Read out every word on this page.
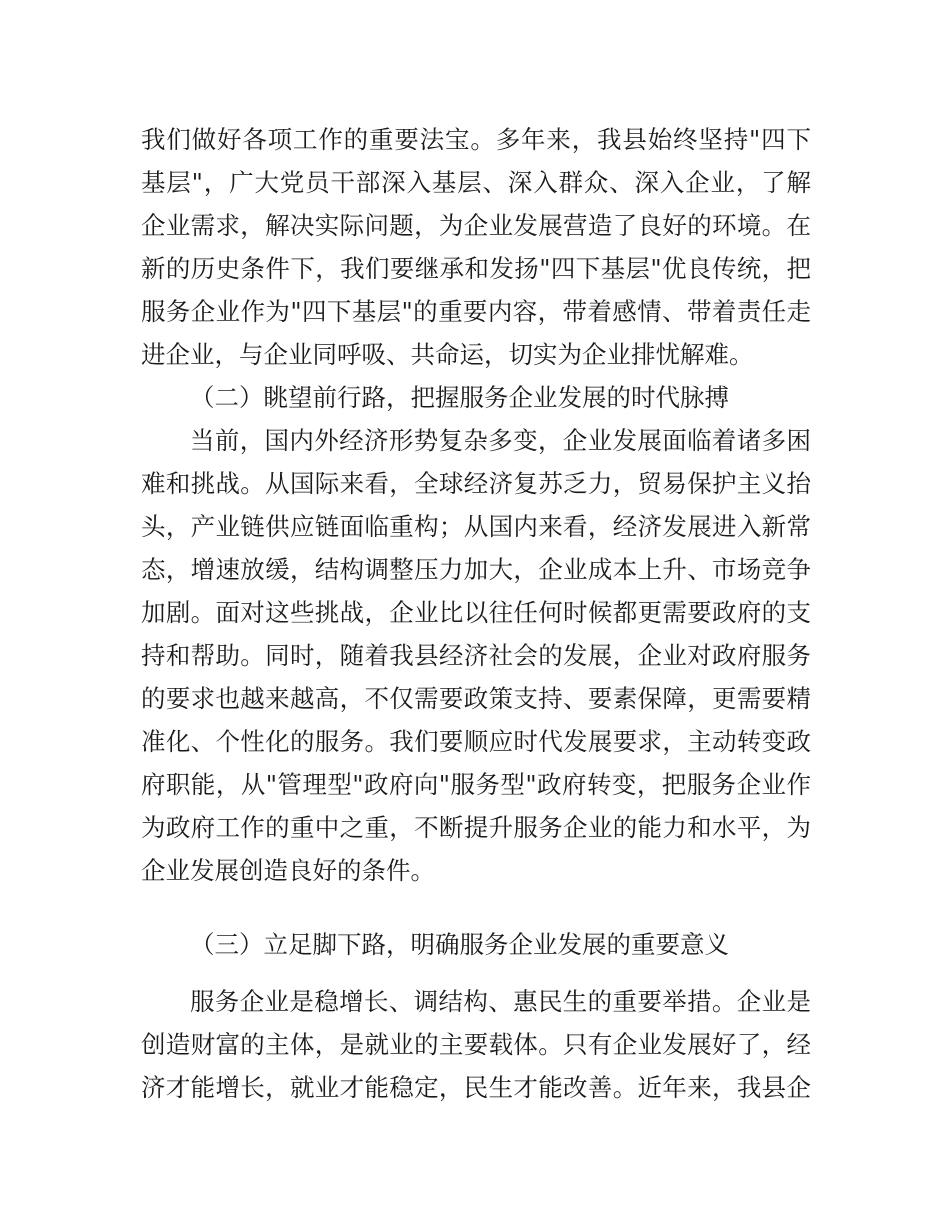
我们做好各项工作的重要法宝。多年来，我县始终坚持"四下
基层"，广大党员干部深入基层、深入群众、深入企业，了解
企业需求，解决实际问题，为企业发展营造了良好的环境。在
新的历史条件下，我们要继承和发扬"四下基层"优良传统，把
服务企业作为"四下基层"的重要内容，带着感情、带着责任走
进企业，与企业同呼吸、共命运，切实为企业排忧解难。
（二）眺望前行路，把握服务企业发展的时代脉搏
当前，国内外经济形势复杂多变，企业发展面临着诸多困
难和挑战。从国际来看，全球经济复苏乏力，贸易保护主义抬
头，产业链供应链面临重构；从国内来看，经济发展进入新常
态，增速放缓，结构调整压力加大，企业成本上升、市场竞争
加剧。面对这些挑战，企业比以往任何时候都更需要政府的支
持和帮助。同时，随着我县经济社会的发展，企业对政府服务
的要求也越来越高，不仅需要政策支持、要素保障，更需要精
准化、个性化的服务。我们要顺应时代发展要求，主动转变政
府职能，从"管理型"政府向"服务型"政府转变，把服务企业作
为政府工作的重中之重，不断提升服务企业的能力和水平，为
企业发展创造良好的条件。
（三）立足脚下路，明确服务企业发展的重要意义
服务企业是稳增长、调结构、惠民生的重要举措。企业是
创造财富的主体，是就业的主要载体。只有企业发展好了，经
济才能增长，就业才能稳定，民生才能改善。近年来，我县企
